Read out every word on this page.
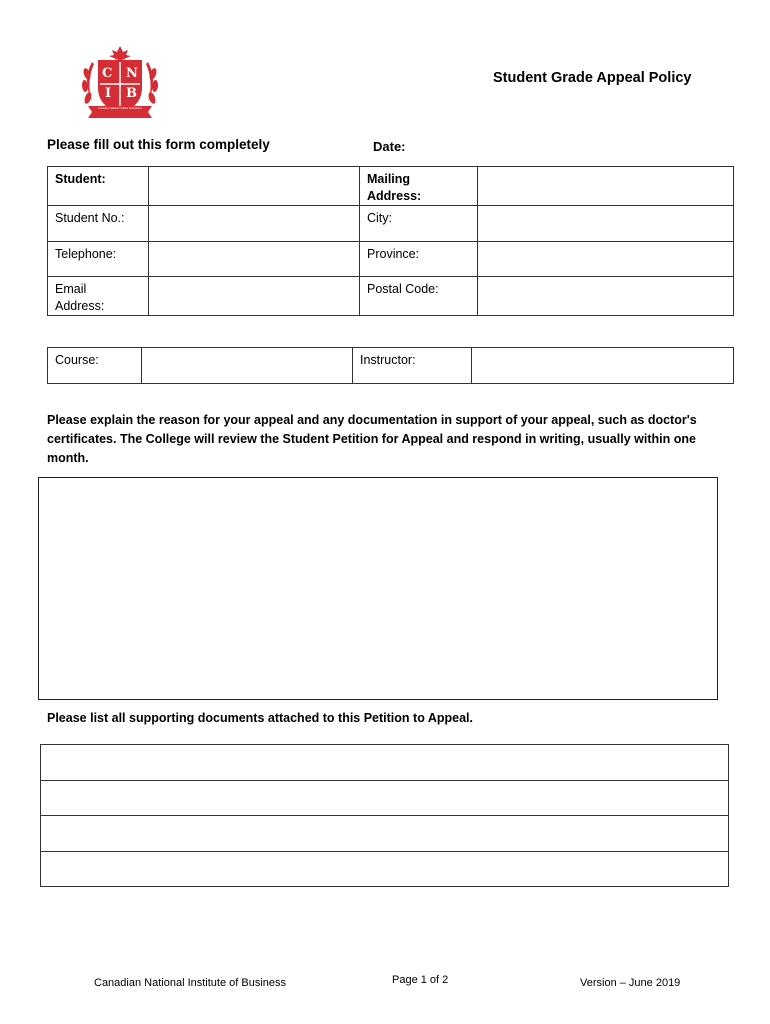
C N
I B
Canadian National Institute of Business
Student Grade Appeal Policy
Please fill out this form completely	Date:
Student:		Mailing
Address:	
Student No.:		City:	
Telephone:		Province:	
Email
Address:		Postal Code:	
Course:		Instructor:	
Please explain the reason for your appeal and any documentation in support of your appeal, such as doctor's certificates. The College will review the Student Petition for Appeal and respond in writing, usually within one month.
Please list all supporting documents attached to this Petition to Appeal.

Canadian National Institute of Business	Page 1 of 2	Version – June 2019
